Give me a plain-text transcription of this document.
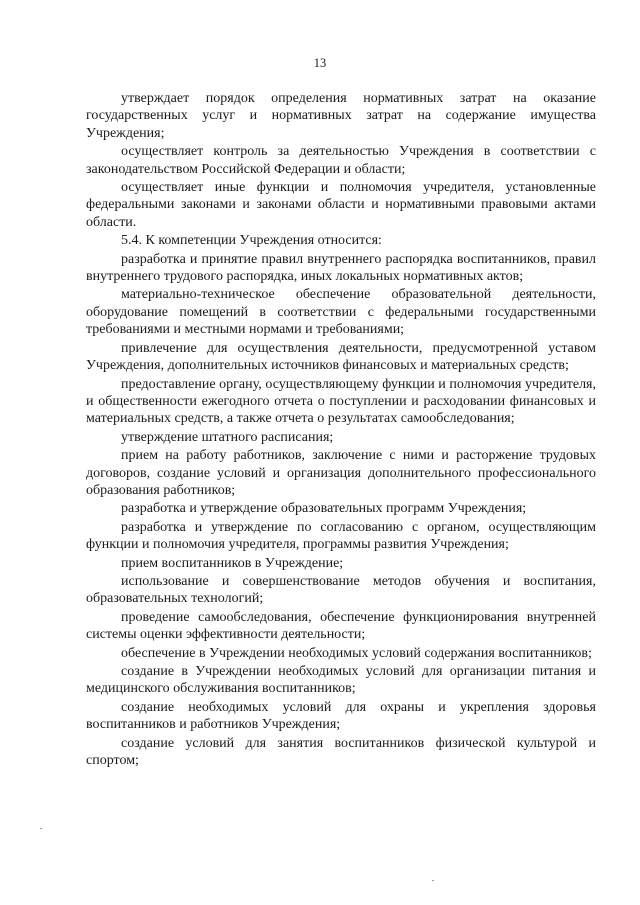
13

утверждает порядок определения нормативных затрат на оказание государственных услуг и нормативных затрат на содержание имущества Учреждения;

осуществляет контроль за деятельностью Учреждения в соответствии с законодательством Российской Федерации и области;

осуществляет иные функции и полномочия учредителя, установленные федеральными законами и законами области и нормативными правовыми актами области.

5.4. К компетенции Учреждения относится:

разработка и принятие правил внутреннего распорядка воспитанников, правил внутреннего трудового распорядка, иных локальных нормативных актов;

материально-техническое обеспечение образовательной деятельности, оборудование помещений в соответствии с федеральными государственными требованиями и местными нормами и требованиями;

привлечение для осуществления деятельности, предусмотренной уставом Учреждения, дополнительных источников финансовых и материальных средств;

предоставление органу, осуществляющему функции и полномочия учредителя, и общественности ежегодного отчета о поступлении и расходовании финансовых и материальных средств, а также отчета о результатах самообследования;

утверждение штатного расписания;

прием на работу работников, заключение с ними и расторжение трудовых договоров, создание условий и организация дополнительного профессионального образования работников;

разработка и утверждение образовательных программ Учреждения;

разработка и утверждение по согласованию с органом, осуществляющим функции и полномочия учредителя, программы развития Учреждения;

прием воспитанников в Учреждение;

использование и совершенствование методов обучения и воспитания, образовательных технологий;

проведение самообследования, обеспечение функционирования внутренней системы оценки эффективности деятельности;

обеспечение в Учреждении необходимых условий содержания воспитанников;

создание в Учреждении необходимых условий для организации питания и медицинского обслуживания воспитанников;

создание необходимых условий для охраны и укрепления здоровья воспитанников и работников Учреждения;

создание условий для занятия воспитанников физической культурой и спортом;
